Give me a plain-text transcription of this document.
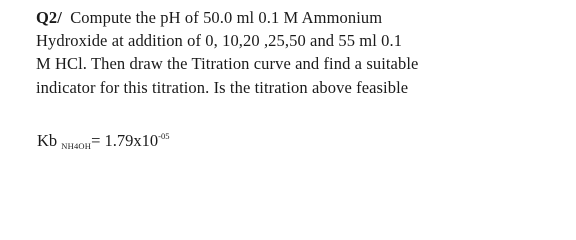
Q2/ Compute the pH of 50.0 ml 0.1 M Ammonium
Hydroxide at addition of 0, 10,20 ,25,50 and 55 ml 0.1
M HCl. Then draw the Titration curve and find a suitable
indicator for this titration. Is the titration above feasible
Kb $NH4OH= 1.79x10^{-05}$
